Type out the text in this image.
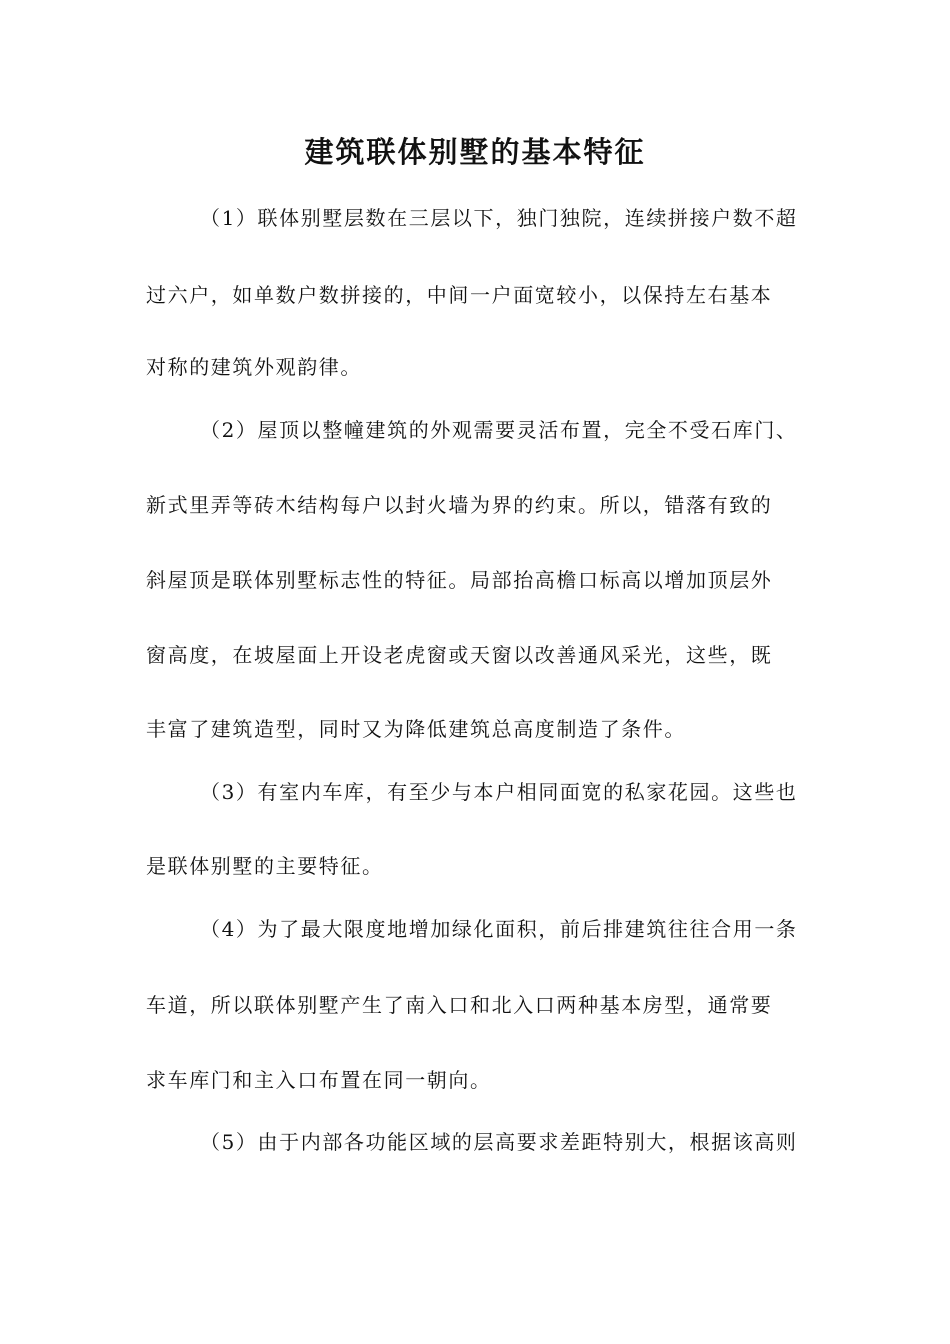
建筑联体别墅的基本特征
（1）联体别墅层数在三层以下，独门独院，连续拼接户数不超
过六户，如单数户数拼接的，中间一户面宽较小，以保持左右基本
对称的建筑外观韵律。
（2）屋顶以整幢建筑的外观需要灵活布置，完全不受石库门、
新式里弄等砖木结构每户以封火墙为界的约束。所以，错落有致的
斜屋顶是联体别墅标志性的特征。局部抬高檐口标高以增加顶层外
窗高度，在坡屋面上开设老虎窗或天窗以改善通风采光，这些，既
丰富了建筑造型，同时又为降低建筑总高度制造了条件。
（3）有室内车库，有至少与本户相同面宽的私家花园。这些也
是联体别墅的主要特征。
（4）为了最大限度地增加绿化面积，前后排建筑往往合用一条
车道，所以联体别墅产生了南入口和北入口两种基本房型，通常要
求车库门和主入口布置在同一朝向。
（5）由于内部各功能区域的层高要求差距特别大，根据该高则
